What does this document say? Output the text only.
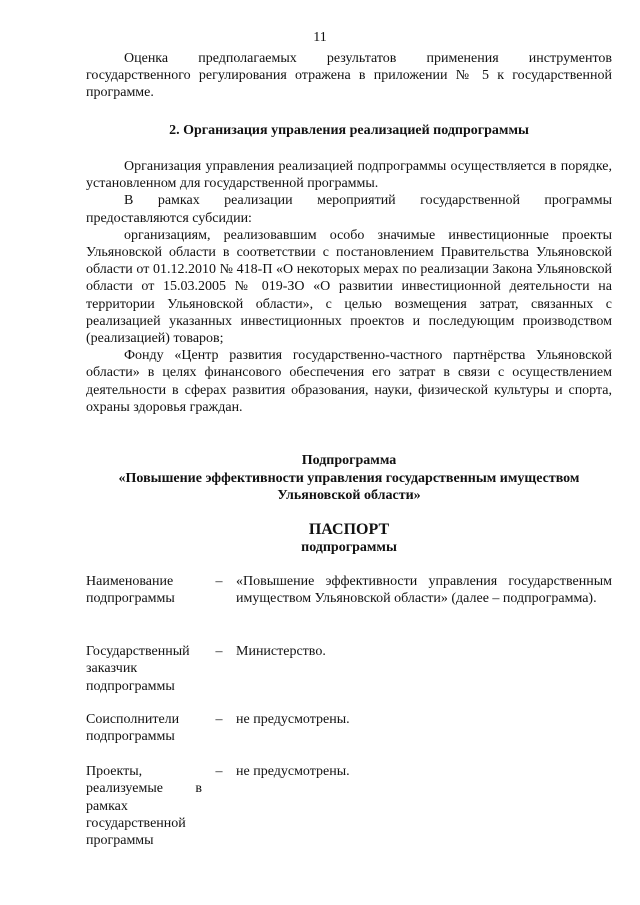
11

Оценка предполагаемых результатов применения инструментов государственного регулирования отражена в приложении № 5 к государственной программе.

2. Организация управления реализацией подпрограммы

Организация управления реализацией подпрограммы осуществляется в порядке, установленном для государственной программы.

В рамках реализации мероприятий государственной программы предоставляются субсидии:

организациям, реализовавшим особо значимые инвестиционные проекты Ульяновской области в соответствии с постановлением Правительства Ульяновской области от 01.12.2010 № 418-П «О некоторых мерах по реализации Закона Ульяновской области от 15.03.2005 № 019-ЗО «О развитии инвестиционной деятельности на территории Ульяновской области», с целью возмещения затрат, связанных с реализацией указанных инвестиционных проектов и последующим производством (реализацией) товаров;

Фонду «Центр развития государственно-частного партнёрства Ульяновской области» в целях финансового обеспечения его затрат в связи с осуществлением деятельности в сферах развития образования, науки, физической культуры и спорта, охраны здоровья граждан.

Подпрограмма

«Повышение эффективности управления государственным имуществом Ульяновской области»

ПАСПОРТ

подпрограммы

Наименование подпрограммы
– «Повышение эффективности управления государственным имуществом Ульяновской области» (далее – подпрограмма).
Государственный заказчик подпрограммы
– Министерство.
Соисполнители подпрограммы
– не предусмотрены.
Проекты, реализуемые в рамках государственной программы
– не предусмотрены.
